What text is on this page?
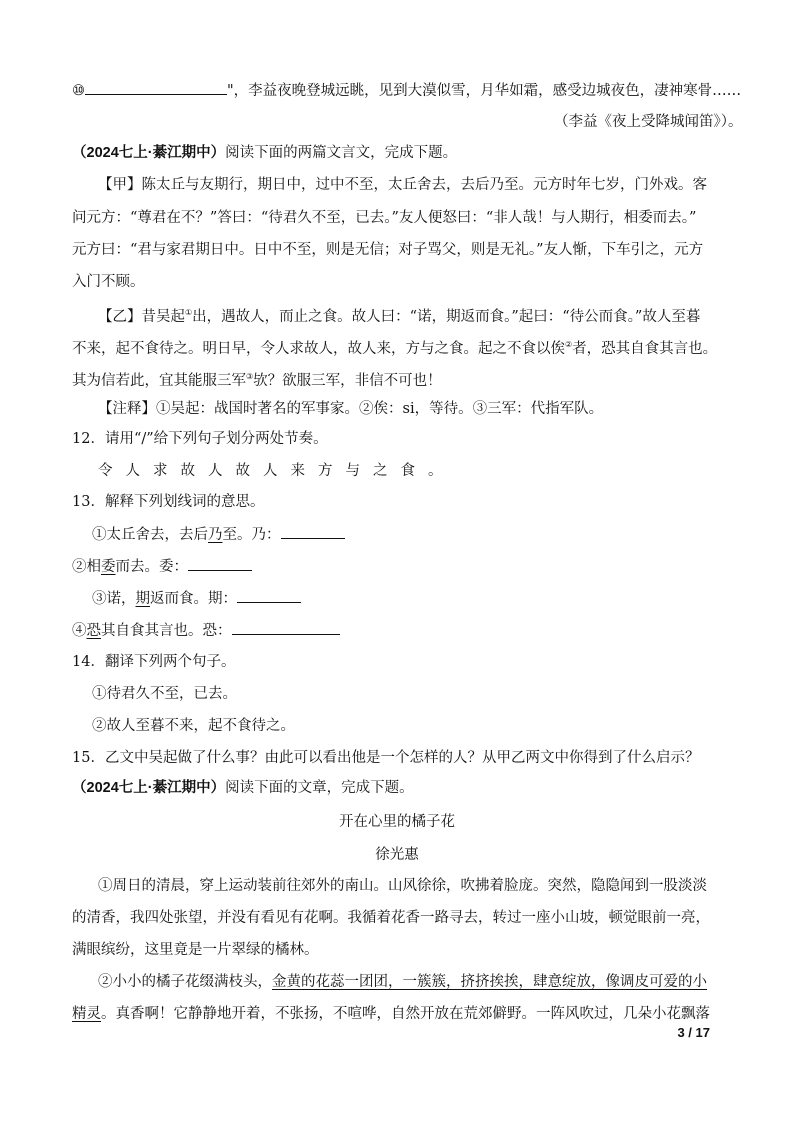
⑩	"，李益夜晚登城远眺，见到大漠似雪，月华如霜，感受边城夜色，凄神寒骨……
（李益《夜上受降城闻笛》）。
（2024七上·綦江期中）阅读下面的两篇文言文，完成下题。
【甲】陈太丘与友期行，期日中，过中不至，太丘舍去，去后乃至。元方时年七岁，门外戏。客
问元方：“尊君在不？”答曰：“待君久不至，已去。”友人便怒曰：“非人哉！与人期行，相委而去。”
元方曰：“君与家君期日中。日中不至，则是无信；对子骂父，则是无礼。”友人惭，下车引之，元方
入门不顾。
【乙】昔吴起①出，遇故人，而止之食。故人曰：“诺，期返而食。”起曰：“待公而食。”故人至暮
不来，起不食待之。明日早，令人求故人，故人来，方与之食。起之不食以俟②者，恐其自食其言也。
其为信若此，宜其能服三军③欤？欲服三军，非信不可也！
【注释】①吴起：战国时著名的军事家。②俟：si，等待。③三军：代指军队。
12．请用“/”给下列句子划分两处节奏。
令人求故人故人来方与之食。
13．解释下列划线词的意思。
①太丘舍去，去后乃至。乃：
②相委而去。委：
③诺，期返而食。期：
④恐其自食其言也。恐：
14．翻译下列两个句子。
①待君久不至，已去。
②故人至暮不来，起不食待之。
15．乙文中吴起做了什么事？由此可以看出他是一个怎样的人？从甲乙两文中你得到了什么启示？
（2024七上·綦江期中）阅读下面的文章，完成下题。
开在心里的橘子花
徐光惠
①周日的清晨，穿上运动装前往郊外的南山。山风徐徐，吹拂着脸庞。突然，隐隐闻到一股淡淡
的清香，我四处张望，并没有看见有花啊。我循着花香一路寻去，转过一座小山坡，顿觉眼前一亮，
满眼缤纷，这里竟是一片翠绿的橘林。
②小小的橘子花缀满枝头，金黄的花蕊一团团，一簇簇，挤挤挨挨，肆意绽放，像调皮可爱的小
精灵。真香啊！它静静地开着，不张扬，不喧哗，自然开放在荒郊僻野。一阵风吹过，几朵小花飘落
3 / 17
